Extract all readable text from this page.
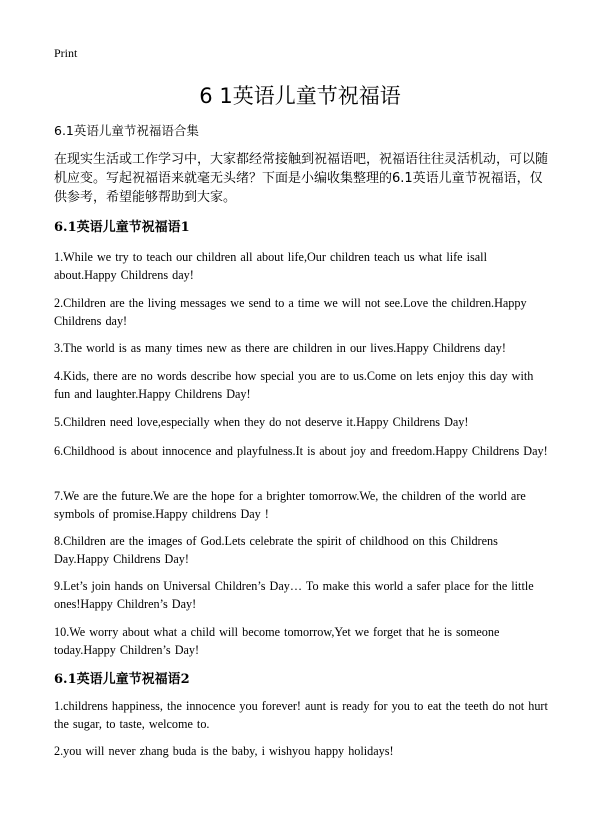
Print
6 1英语儿童节祝福语
6.1英语儿童节祝福语合集
在现实生活或工作学习中，大家都经常接触到祝福语吧，祝福语往往灵活机动，可以随机应变。写起祝福语来就毫无头绪？下面是小编收集整理的6.1英语儿童节祝福语，仅供参考，希望能够帮助到大家。
6.1英语儿童节祝福语1
1.While we try to teach our children all about life,Our children teach us what life isall about.Happy Childrens day!
2.Children are the living messages we send to a time we will not see.Love the children.Happy Childrens day!
3.The world is as many times new as there are children in our lives.Happy Childrens day!
4.Kids, there are no words describe how special you are to us.Come on lets enjoy this day with fun and laughter.Happy Childrens Day!
5.Children need love,especially when they do not deserve it.Happy Childrens Day!
6.Childhood is about innocence and playfulness.It is about joy and freedom.Happy Childrens Day!
7.We are the future.We are the hope for a brighter tomorrow.We, the children of the world are symbols of promise.Happy childrens Day !
8.Children are the images of God.Lets celebrate the spirit of childhood on this Childrens Day.Happy Childrens Day!
9.Let’s join hands on Universal Children’s Day… To make this world a safer place for the little ones!Happy Children’s Day!
10.We worry about what a child will become tomorrow,Yet we forget that he is someone today.Happy Children’s Day!
6.1英语儿童节祝福语2
1.childrens happiness, the innocence you forever! aunt is ready for you to eat the teeth do not hurt the sugar, to taste, welcome to.
2.you will never zhang buda is the baby, i wishyou happy holidays!
